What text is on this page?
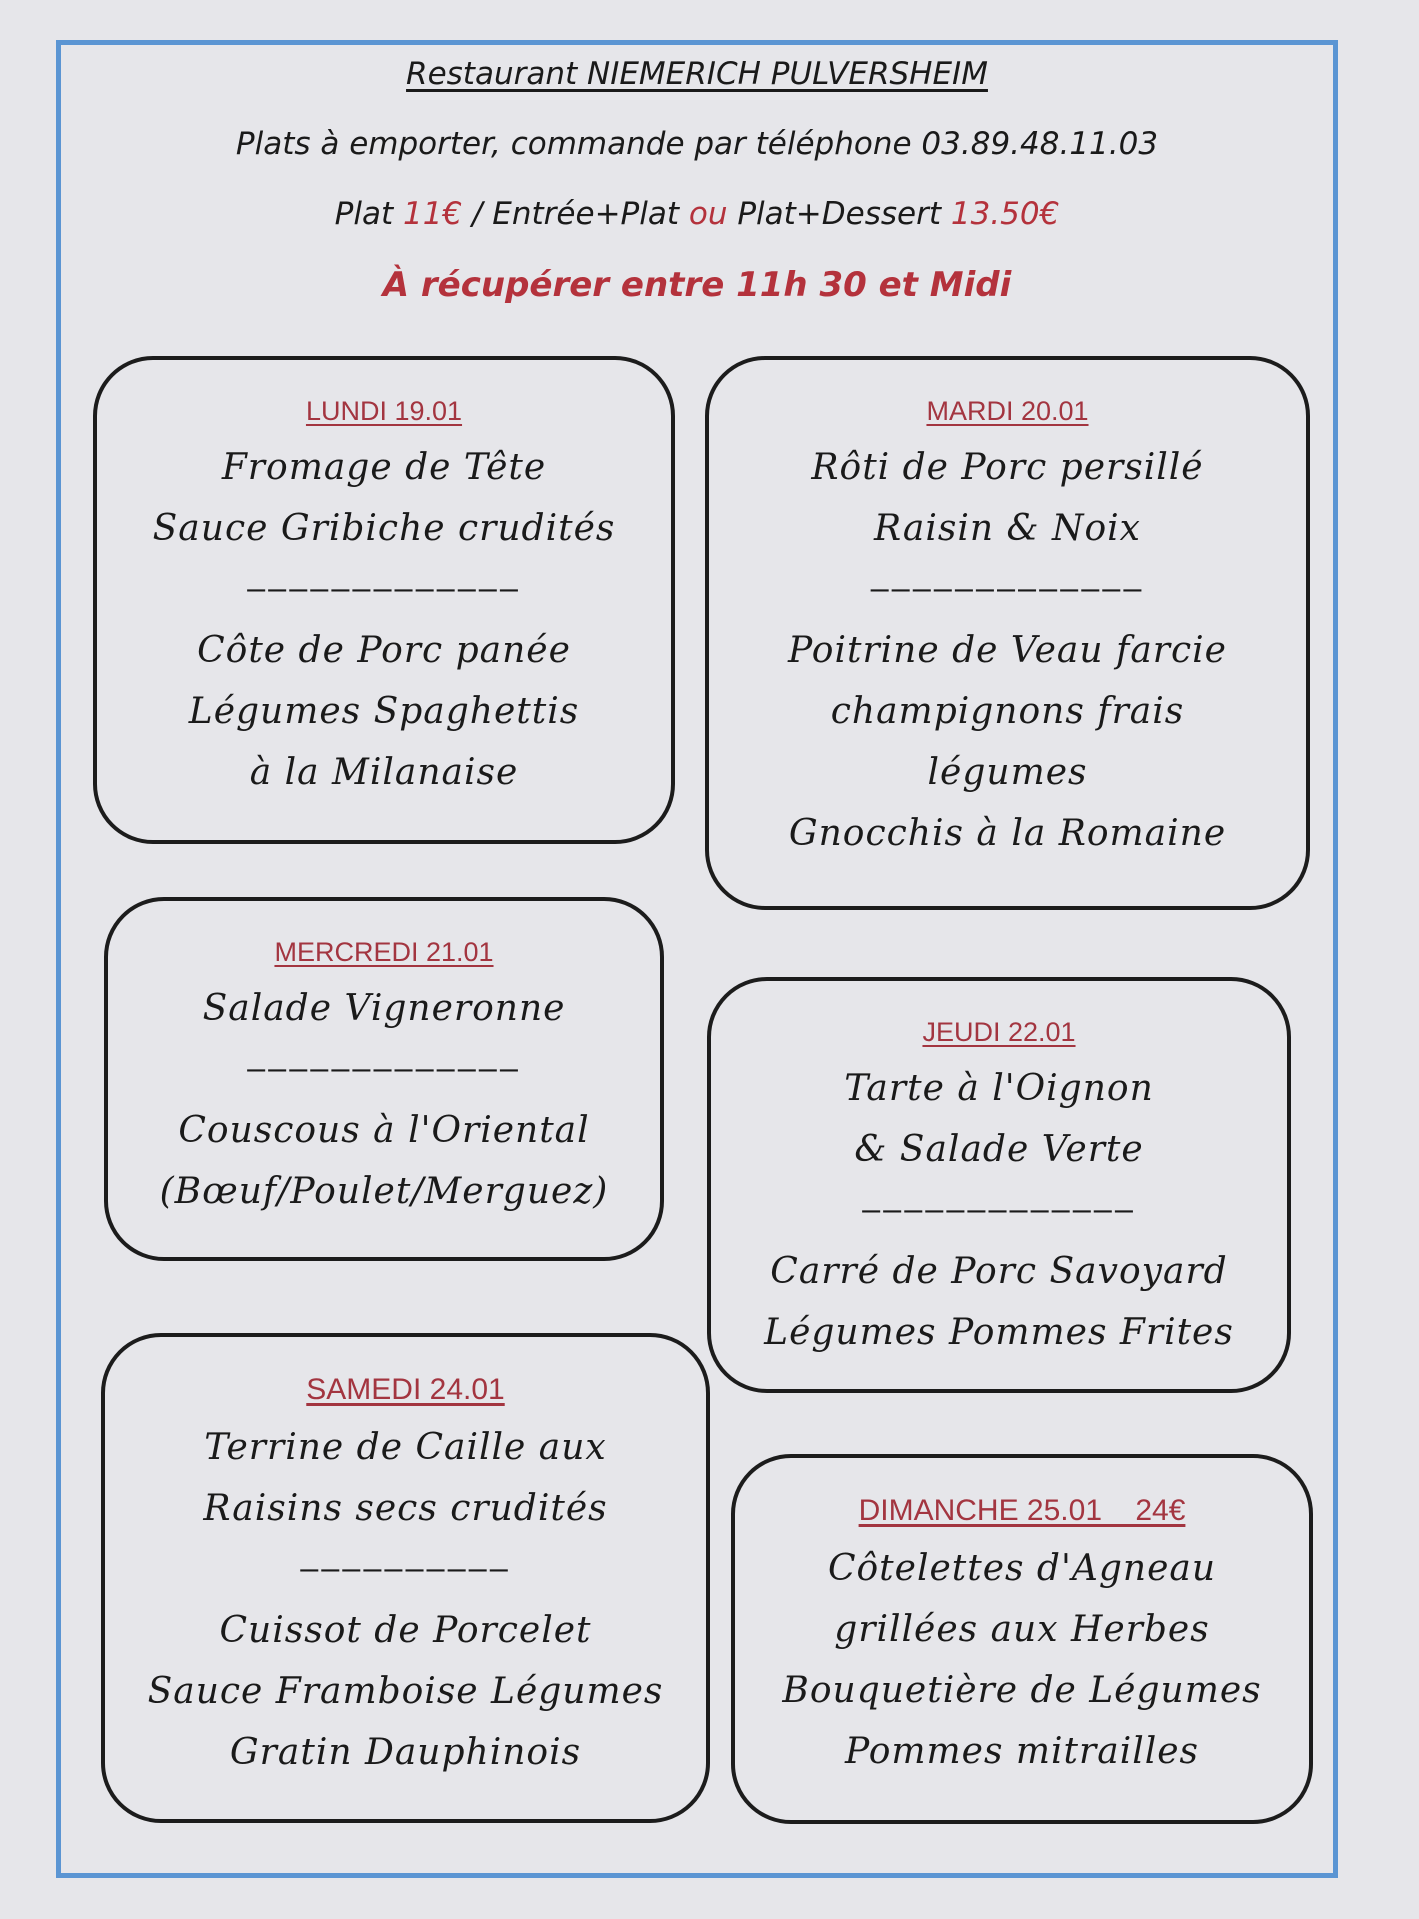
Restaurant NIEMERICH PULVERSHEIM
Plats à emporter, commande par téléphone 03.89.48.11.03
Plat 11€ / Entrée+Plat ou Plat+Dessert 13.50€
À récupérer entre 11h 30 et Midi
LUNDI 19.01
Fromage de Tête
Sauce Gribiche crudités
—————————————
Côte de Porc panée
Légumes Spaghettis
à la Milanaise
MARDI 20.01
Rôti de Porc persillé
Raisin & Noix
—————————————
Poitrine de Veau farcie
champignons frais
légumes
Gnocchis à la Romaine
MERCREDI 21.01
Salade Vigneronne
—————————————
Couscous à l'Oriental
(Bœuf/Poulet/Merguez)
JEUDI 22.01
Tarte à l'Oignon
& Salade Verte
—————————————
Carré de Porc Savoyard
Légumes Pommes Frites
SAMEDI 24.01
Terrine de Caille aux
Raisins secs crudités
——————————
Cuissot de Porcelet
Sauce Framboise Légumes
Gratin Dauphinois
DIMANCHE 25.01    24€
Côtelettes d'Agneau
grillées aux Herbes
Bouquetière de Légumes
Pommes mitrailles
